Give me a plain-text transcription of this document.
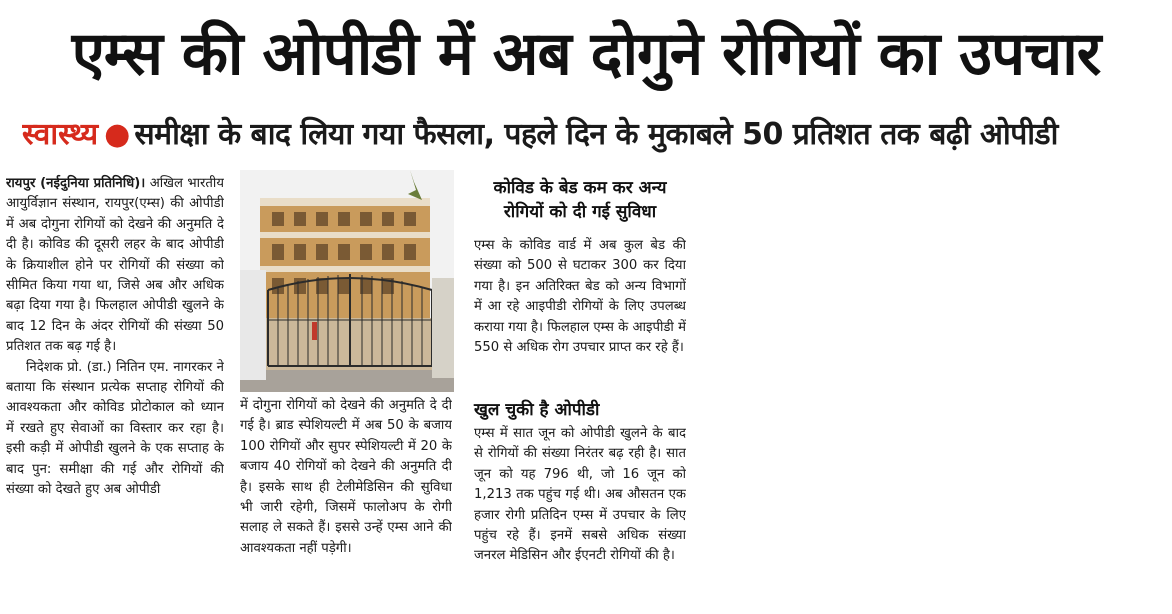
एम्स की ओपीडी में अब दोगुने रोगियों का उपचार
स्वास्थ्य ● समीक्षा के बाद लिया गया फैसला, पहले दिन के मुकाबले 50 प्रतिशत तक बढ़ी ओपीडी

रायपुर (नईदुनिया प्रतिनिधि)। अखिल भारतीय आयुर्विज्ञान संस्थान, रायपुर(एम्स) की ओपीडी में अब दोगुना रोगियों को देखने की अनुमति दे दी है। कोविड की दूसरी लहर के बाद ओपीडी के क्रियाशील होने पर रोगियों की संख्या को सीमित किया गया था, जिसे अब और अधिक बढ़ा दिया गया है। फिलहाल ओपीडी खुलने के बाद 12 दिन के अंदर रोगियों की संख्या 50 प्रतिशत तक बढ़ गई है।

निदेशक प्रो. (डा.) नितिन एम. नागरकर ने बताया कि संस्थान प्रत्येक सप्ताह रोगियों की आवश्यकता और कोविड प्रोटोकाल को ध्यान में रखते हुए सेवाओं का विस्तार कर रहा है। इसी कड़ी में ओपीडी खुलने के एक सप्ताह के बाद पुन: समीक्षा की गई और रोगियों की संख्या को देखते हुए अब ओपीडी

में दोगुना रोगियों को देखने की अनुमति दे दी गई है। ब्राड स्पेशियल्टी में अब 50 के बजाय 100 रोगियों और सुपर स्पेशियल्टी में 20 के बजाय 40 रोगियों को देखने की अनुमति दी है। इसके साथ ही टेलीमेडिसिन की सुविधा भी जारी रहेगी, जिसमें फालोअप के रोगी सलाह ले सकते हैं। इससे उन्हें एम्स आने की आवश्यकता नहीं पड़ेगी।

कोविड के बेड कम कर अन्य रोगियों को दी गई सुविधा

एम्स के कोविड वार्ड में अब कुल बेड की संख्या को 500 से घटाकर 300 कर दिया गया है। इन अतिरिक्त बेड को अन्य विभागों में आ रहे आइपीडी रोगियों के लिए उपलब्ध कराया गया है। फिलहाल एम्स के आइपीडी में 550 से अधिक रोग उपचार प्राप्त कर रहे हैं।

खुल चुकी है ओपीडी

एम्स में सात जून को ओपीडी खुलने के बाद से रोगियों की संख्या निरंतर बढ़ रही है। सात जून को यह 796 थी, जो 16 जून को 1,213 तक पहुंच गई थी। अब औसतन एक हजार रोगी प्रतिदिन एम्स में उपचार के लिए पहुंच रहे हैं। इनमें सबसे अधिक संख्या जनरल मेडिसिन और ईएनटी रोगियों की है।
